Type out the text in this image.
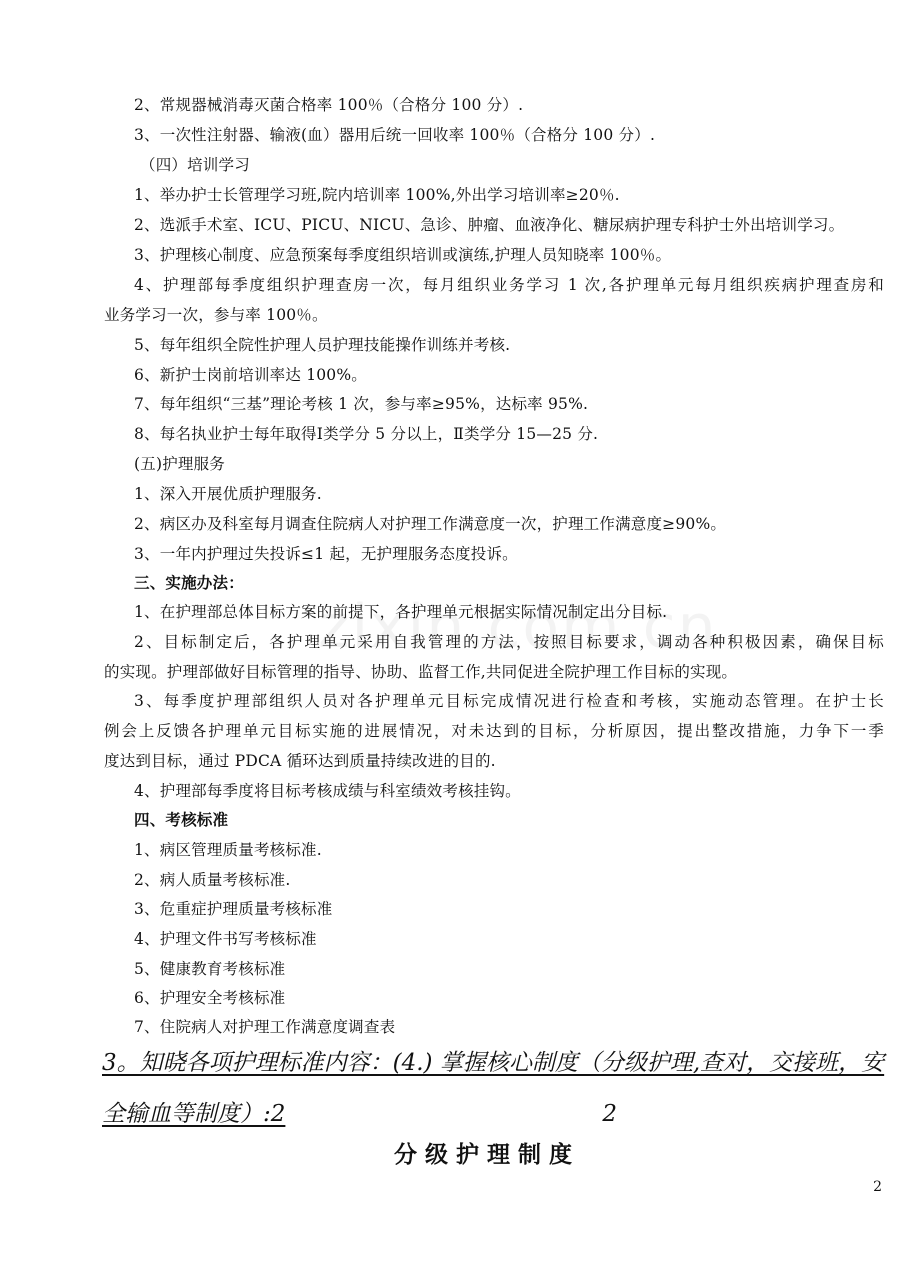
2、常规器械消毒灭菌合格率 100％（合格分 100 分）.
3、一次性注射器、输液(血）器用后统一回收率 100％（合格分 100 分）.
（四）培训学习
1、举办护士长管理学习班,院内培训率 100%,外出学习培训率≥20％.
2、选派手术室、ICU、PICU、NICU、急诊、肿瘤、血液净化、糖尿病护理专科护士外出培训学习。
3、护理核心制度、应急预案每季度组织培训或演练,护理人员知晓率 100％。
4、护理部每季度组织护理查房一次，每月组织业务学习 1 次,各护理单元每月组织疾病护理查房和
业务学习一次，参与率 100％。
5、每年组织全院性护理人员护理技能操作训练并考核.
6、新护士岗前培训率达 100%。
7、每年组织“三基”理论考核 1 次，参与率≥95%，达标率 95%.
8、每名执业护士每年取得Ⅰ类学分 5 分以上，Ⅱ类学分 15—25 分.
(五)护理服务
1、深入开展优质护理服务.
2、病区办及科室每月调查住院病人对护理工作满意度一次，护理工作满意度≥90%。
3、一年内护理过失投诉≤1 起，无护理服务态度投诉。
三、实施办法：
1、在护理部总体目标方案的前提下，各护理单元根据实际情况制定出分目标.
2、目标制定后，各护理单元采用自我管理的方法，按照目标要求，调动各种积极因素，确保目标
的实现。护理部做好目标管理的指导、协助、监督工作,共同促进全院护理工作目标的实现。
3、每季度护理部组织人员对各护理单元目标完成情况进行检查和考核，实施动态管理。在护士长
例会上反馈各护理单元目标实施的进展情况，对未达到的目标，分析原因，提出整改措施，力争下一季
度达到目标，通过 PDCA 循环达到质量持续改进的目的.
4、护理部每季度将目标考核成绩与科室绩效考核挂钩。
四、考核标准
1、病区管理质量考核标准.
2、病人质量考核标准.
3、危重症护理质量考核标准
4、护理文件书写考核标准
5、健康教育考核标准
6、护理安全考核标准
7、住院病人对护理工作满意度调查表
3。知晓各项护理标准内容：(4.) 掌握核心制度（分级护理,查对，交接班，安
全输血等制度）:2	2
分级护理制度
2
